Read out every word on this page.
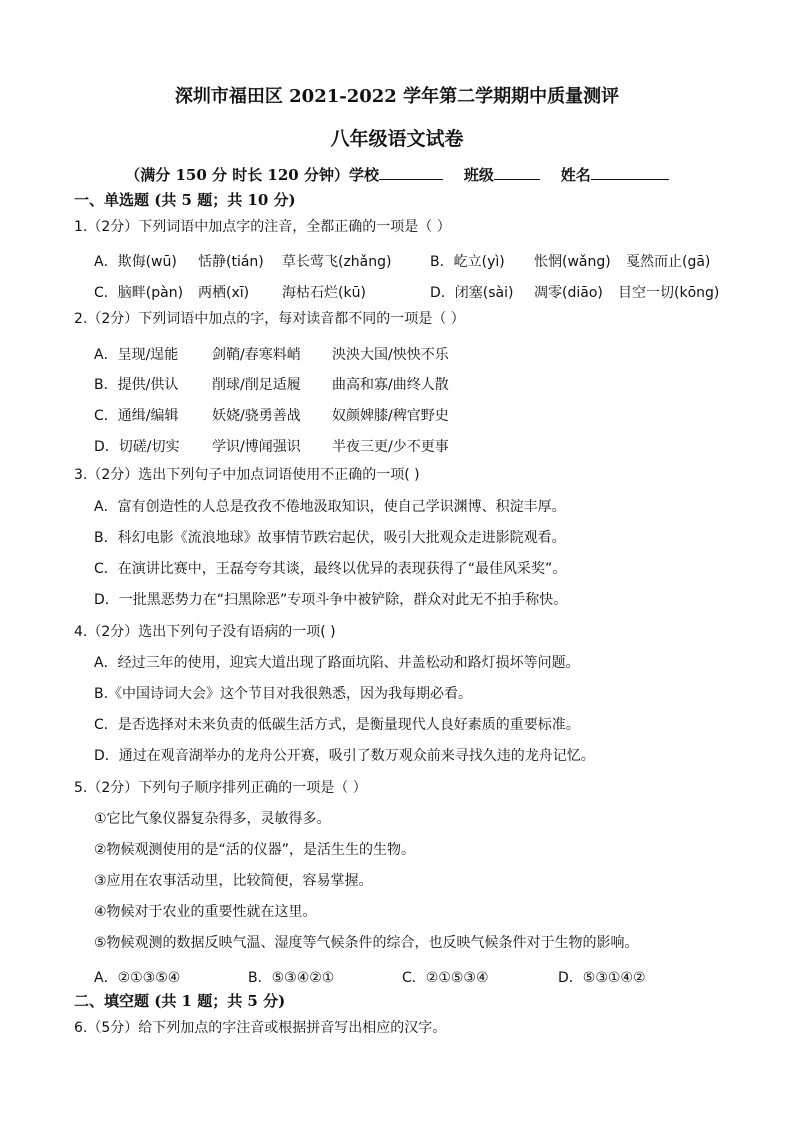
深圳市福田区 2021-2022 学年第二学期期中质量测评
八年级语文试卷
（满分 150 分 时长 120 分钟）学校	班级	姓名
一、单选题 (共 5 题；共 10 分)
1.（2分）下列词语中加点字的注音，全都正确的一项是（ ）
A．欺侮(wū) 恬静(tián) 草长莺飞(zhǎng)	B．屹立(yì) 怅惘(wǎng) 戛然而止(gā)
C．脑畔(pàn) 两栖(xī) 海枯石烂(kū)	D．闭塞(sài) 凋零(diāo) 目空一切(kōng)
2.（2分）下列词语中加点的字，每对读音都不同的一项是（ ）
A．呈现/逞能 剑鞘/春寒料峭 泱泱大国/怏怏不乐
B．提供/供认 削球/削足适履 曲高和寡/曲终人散
C．通缉/编辑 妖娆/骁勇善战 奴颜婢膝/稗官野史
D．切磋/切实 学识/博闻强识 半夜三更/少不更事
3.（2分）选出下列句子中加点词语使用不正确的一项( )
A．富有创造性的人总是孜孜不倦地汲取知识，使自己学识渊博、积淀丰厚。
B．科幻电影《流浪地球》故事情节跌宕起伏，吸引大批观众走进影院观看。
C．在演讲比赛中，王磊夸夸其谈，最终以优异的表现获得了“最佳风采奖”。
D．一批黑恶势力在“扫黑除恶”专项斗争中被铲除，群众对此无不拍手称快。
4.（2分）选出下列句子没有语病的一项( )
A．经过三年的使用，迎宾大道出现了路面坑陷、井盖松动和路灯损坏等问题。
B.《中国诗词大会》这个节目对我很熟悉，因为我每期必看。
C．是否选择对未来负责的低碳生活方式，是衡量现代人良好素质的重要标准。
D．通过在观音湖举办的龙舟公开赛，吸引了数万观众前来寻找久违的龙舟记忆。
5.（2分）下列句子顺序排列正确的一项是（ ）
①它比气象仪器复杂得多，灵敏得多。
②物候观测使用的是“活的仪器”，是活生生的生物。
③应用在农事活动里，比较简便，容易掌握。
④物候对于农业的重要性就在这里。
⑤物候观测的数据反映气温、湿度等气候条件的综合，也反映气候条件对于生物的影响。
A．②①③⑤④	B．⑤③④②①	C．②①⑤③④	D．⑤③①④②
二、填空题 (共 1 题；共 5 分)
6.（5分）给下列加点的字注音或根据拼音写出相应的汉字。
